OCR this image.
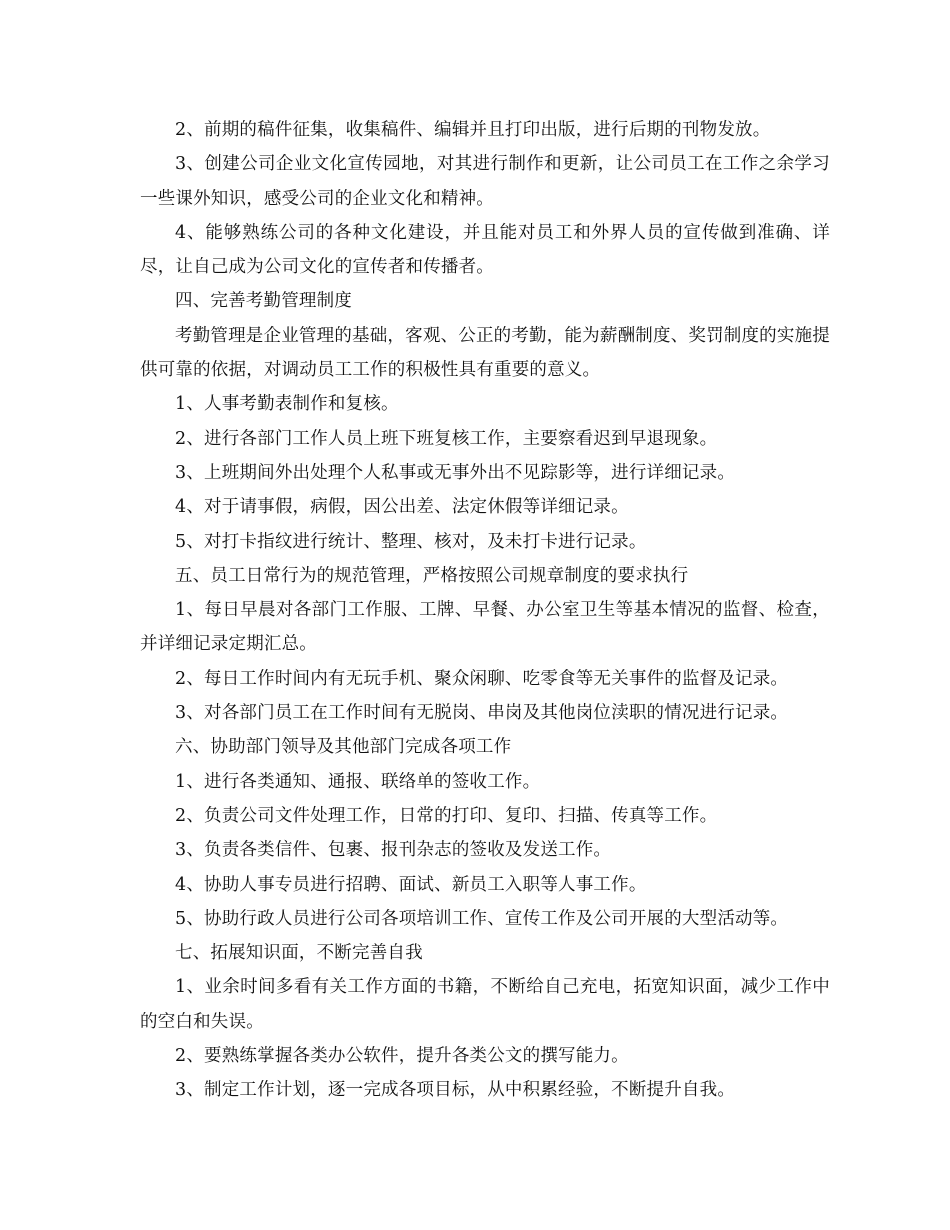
2、前期的稿件征集，收集稿件、编辑并且打印出版，进行后期的刊物发放。

3、创建公司企业文化宣传园地，对其进行制作和更新，让公司员工在工作之余学习一些课外知识，感受公司的企业文化和精神。

4、能够熟练公司的各种文化建设，并且能对员工和外界人员的宣传做到准确、详尽，让自己成为公司文化的宣传者和传播者。

四、完善考勤管理制度

考勤管理是企业管理的基础，客观、公正的考勤，能为薪酬制度、奖罚制度的实施提供可靠的依据，对调动员工工作的积极性具有重要的意义。

1、人事考勤表制作和复核。

2、进行各部门工作人员上班下班复核工作，主要察看迟到早退现象。

3、上班期间外出处理个人私事或无事外出不见踪影等，进行详细记录。

4、对于请事假，病假，因公出差、法定休假等详细记录。

5、对打卡指纹进行统计、整理、核对，及未打卡进行记录。

五、员工日常行为的规范管理，严格按照公司规章制度的要求执行

1、每日早晨对各部门工作服、工牌、早餐、办公室卫生等基本情况的监督、检查，并详细记录定期汇总。

2、每日工作时间内有无玩手机、聚众闲聊、吃零食等无关事件的监督及记录。

3、对各部门员工在工作时间有无脱岗、串岗及其他岗位渎职的情况进行记录。

六、协助部门领导及其他部门完成各项工作

1、进行各类通知、通报、联络单的签收工作。

2、负责公司文件处理工作，日常的打印、复印、扫描、传真等工作。

3、负责各类信件、包裹、报刊杂志的签收及发送工作。

4、协助人事专员进行招聘、面试、新员工入职等人事工作。

5、协助行政人员进行公司各项培训工作、宣传工作及公司开展的大型活动等。

七、拓展知识面，不断完善自我

1、业余时间多看有关工作方面的书籍，不断给自己充电，拓宽知识面，减少工作中的空白和失误。

2、要熟练掌握各类办公软件，提升各类公文的撰写能力。

3、制定工作计划，逐一完成各项目标，从中积累经验，不断提升自我。
